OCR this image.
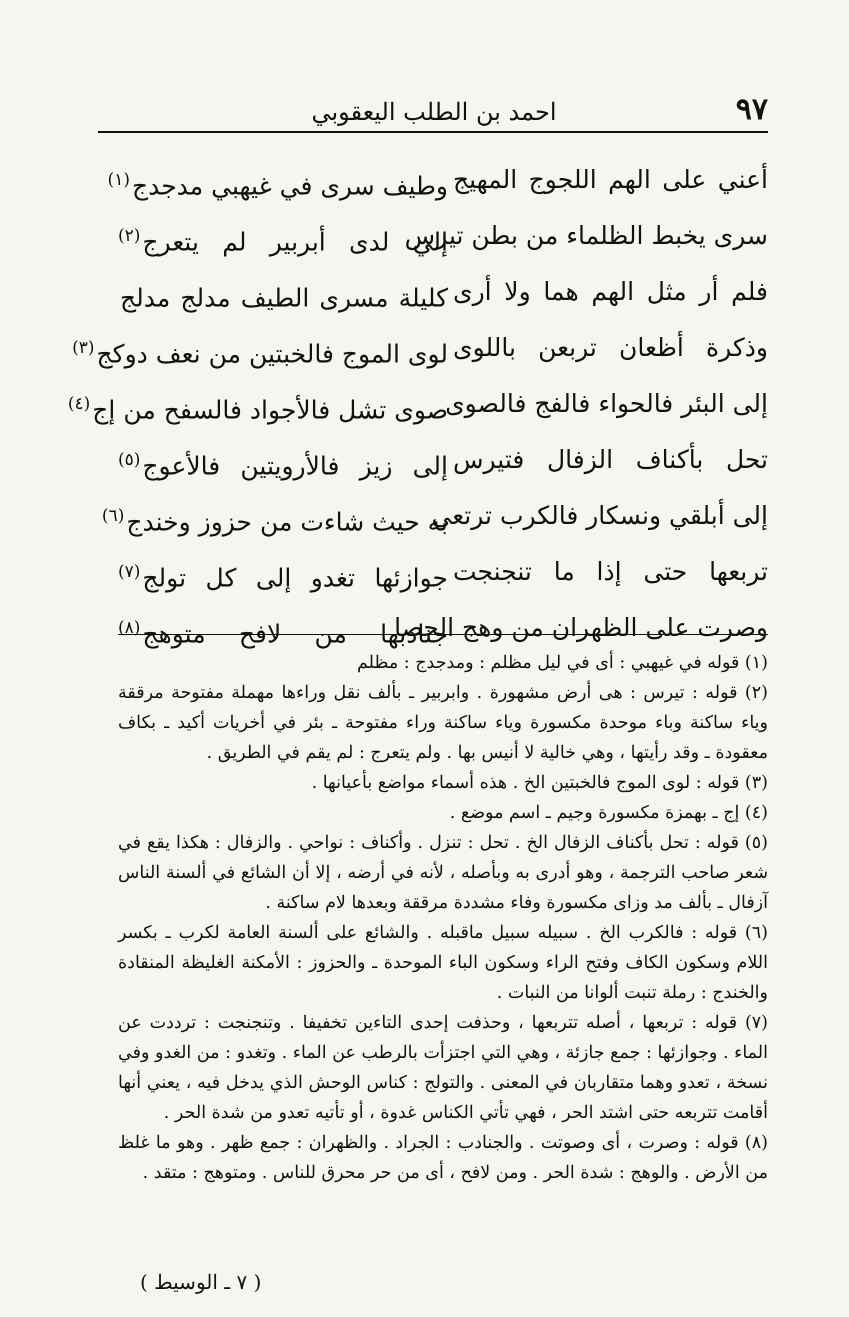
٩٧
احمد بن الطلب اليعقوبي
أعني على الهم اللجوج المهيج
وطيف سرى في غيهبي مدجدج$^{(١)}$
سرى يخبط الظلماء من بطن تيرس
إلي لدى أبربير لم يتعرج$^{(٢)}$
فلم أر مثل الهم هما ولا أرى
كليلة مسرى الطيف مدلج مدلج
وذكرة أظعان تربعن باللوى
لوى الموج فالخبتين من نعف دوكج$^{(٣)}$
إلى البئر فالحواء فالفج فالصوى
صوى تشل فالأجواد فالسفح من إج$^{(٤)}$
تحل بأكناف الزفال فتيرس
إلى زيز فالأرويتين فالأعوج$^{(٥)}$
إلى أبلقي ونسكار فالكرب ترتعي
به حيث شاءت من حزوز وخندج$^{(٦)}$
تربعها حتى إذا ما تنجنجت
جوازئها تغدو إلى كل تولج$^{(٧)}$
وصرت على الظهران من وهج الحصا
جنادبها من لافح متوهج$^{(٨)}$

(١) قوله في غيهبي : أى في ليل مظلم : ومدجدج : مظلم

(٢) قوله : تيرس : هى أرض مشهورة . وابربير ـ بألف نقل وراءها مهملة مفتوحة مرققة وياء ساكنة وباء موحدة مكسورة وياء ساكنة وراء مفتوحة ـ بئر في أخريات أكيد ـ بكاف معقودة ـ وقد رأيتها ، وهي خالية لا أنيس بها . ولم يتعرج : لم يقم في الطريق .

(٣) قوله : لوى الموج فالخبتين الخ . هذه أسماء مواضع بأعيانها .

(٤) إج ـ بهمزة مكسورة وجيم ـ اسم موضع .

(٥) قوله : تحل بأكناف الزفال الخ . تحل : تنزل . وأكناف : نواحي . والزفال : هكذا يقع في شعر صاحب الترجمة ، وهو أدرى به وبأصله ، لأنه في أرضه ، إلا أن الشائع في ألسنة الناس آزفال ـ بألف مد وزاى مكسورة وفاء مشددة مرققة وبعدها لام ساكنة .

(٦) قوله : فالكرب الخ . سبيله سبيل ماقبله . والشائع على ألسنة العامة لكرب ـ بكسر اللام وسكون الكاف وفتح الراء وسكون الباء الموحدة ـ والحزوز : الأمكنة الغليظة المنقادة والخندج : رملة تنبت ألوانا من النبات .

(٧) قوله : تربعها ، أصله تتربعها ، وحذفت إحدى التاءين تخفيفا . وتنجنجت : ترددت عن الماء . وجوازئها : جمع جازئة ، وهي التي اجتزأت بالرطب عن الماء . وتغدو : من الغدو وفي نسخة ، تعدو وهما متقاربان في المعنى . والتولج : كناس الوحش الذي يدخل فيه ، يعني أنها أقامت تتربعه حتى اشتد الحر ، فهي تأتي الكناس غدوة ، أو تأتيه تعدو من شدة الحر .

(٨) قوله : وصرت ، أى وصوتت . والجنادب : الجراد . والظهران : جمع ظهر . وهو ما غلظ من الأرض . والوهج : شدة الحر . ومن لافح ، أى من حر محرق للناس . ومتوهج : متقد .

( ٧ ـ الوسيط )
